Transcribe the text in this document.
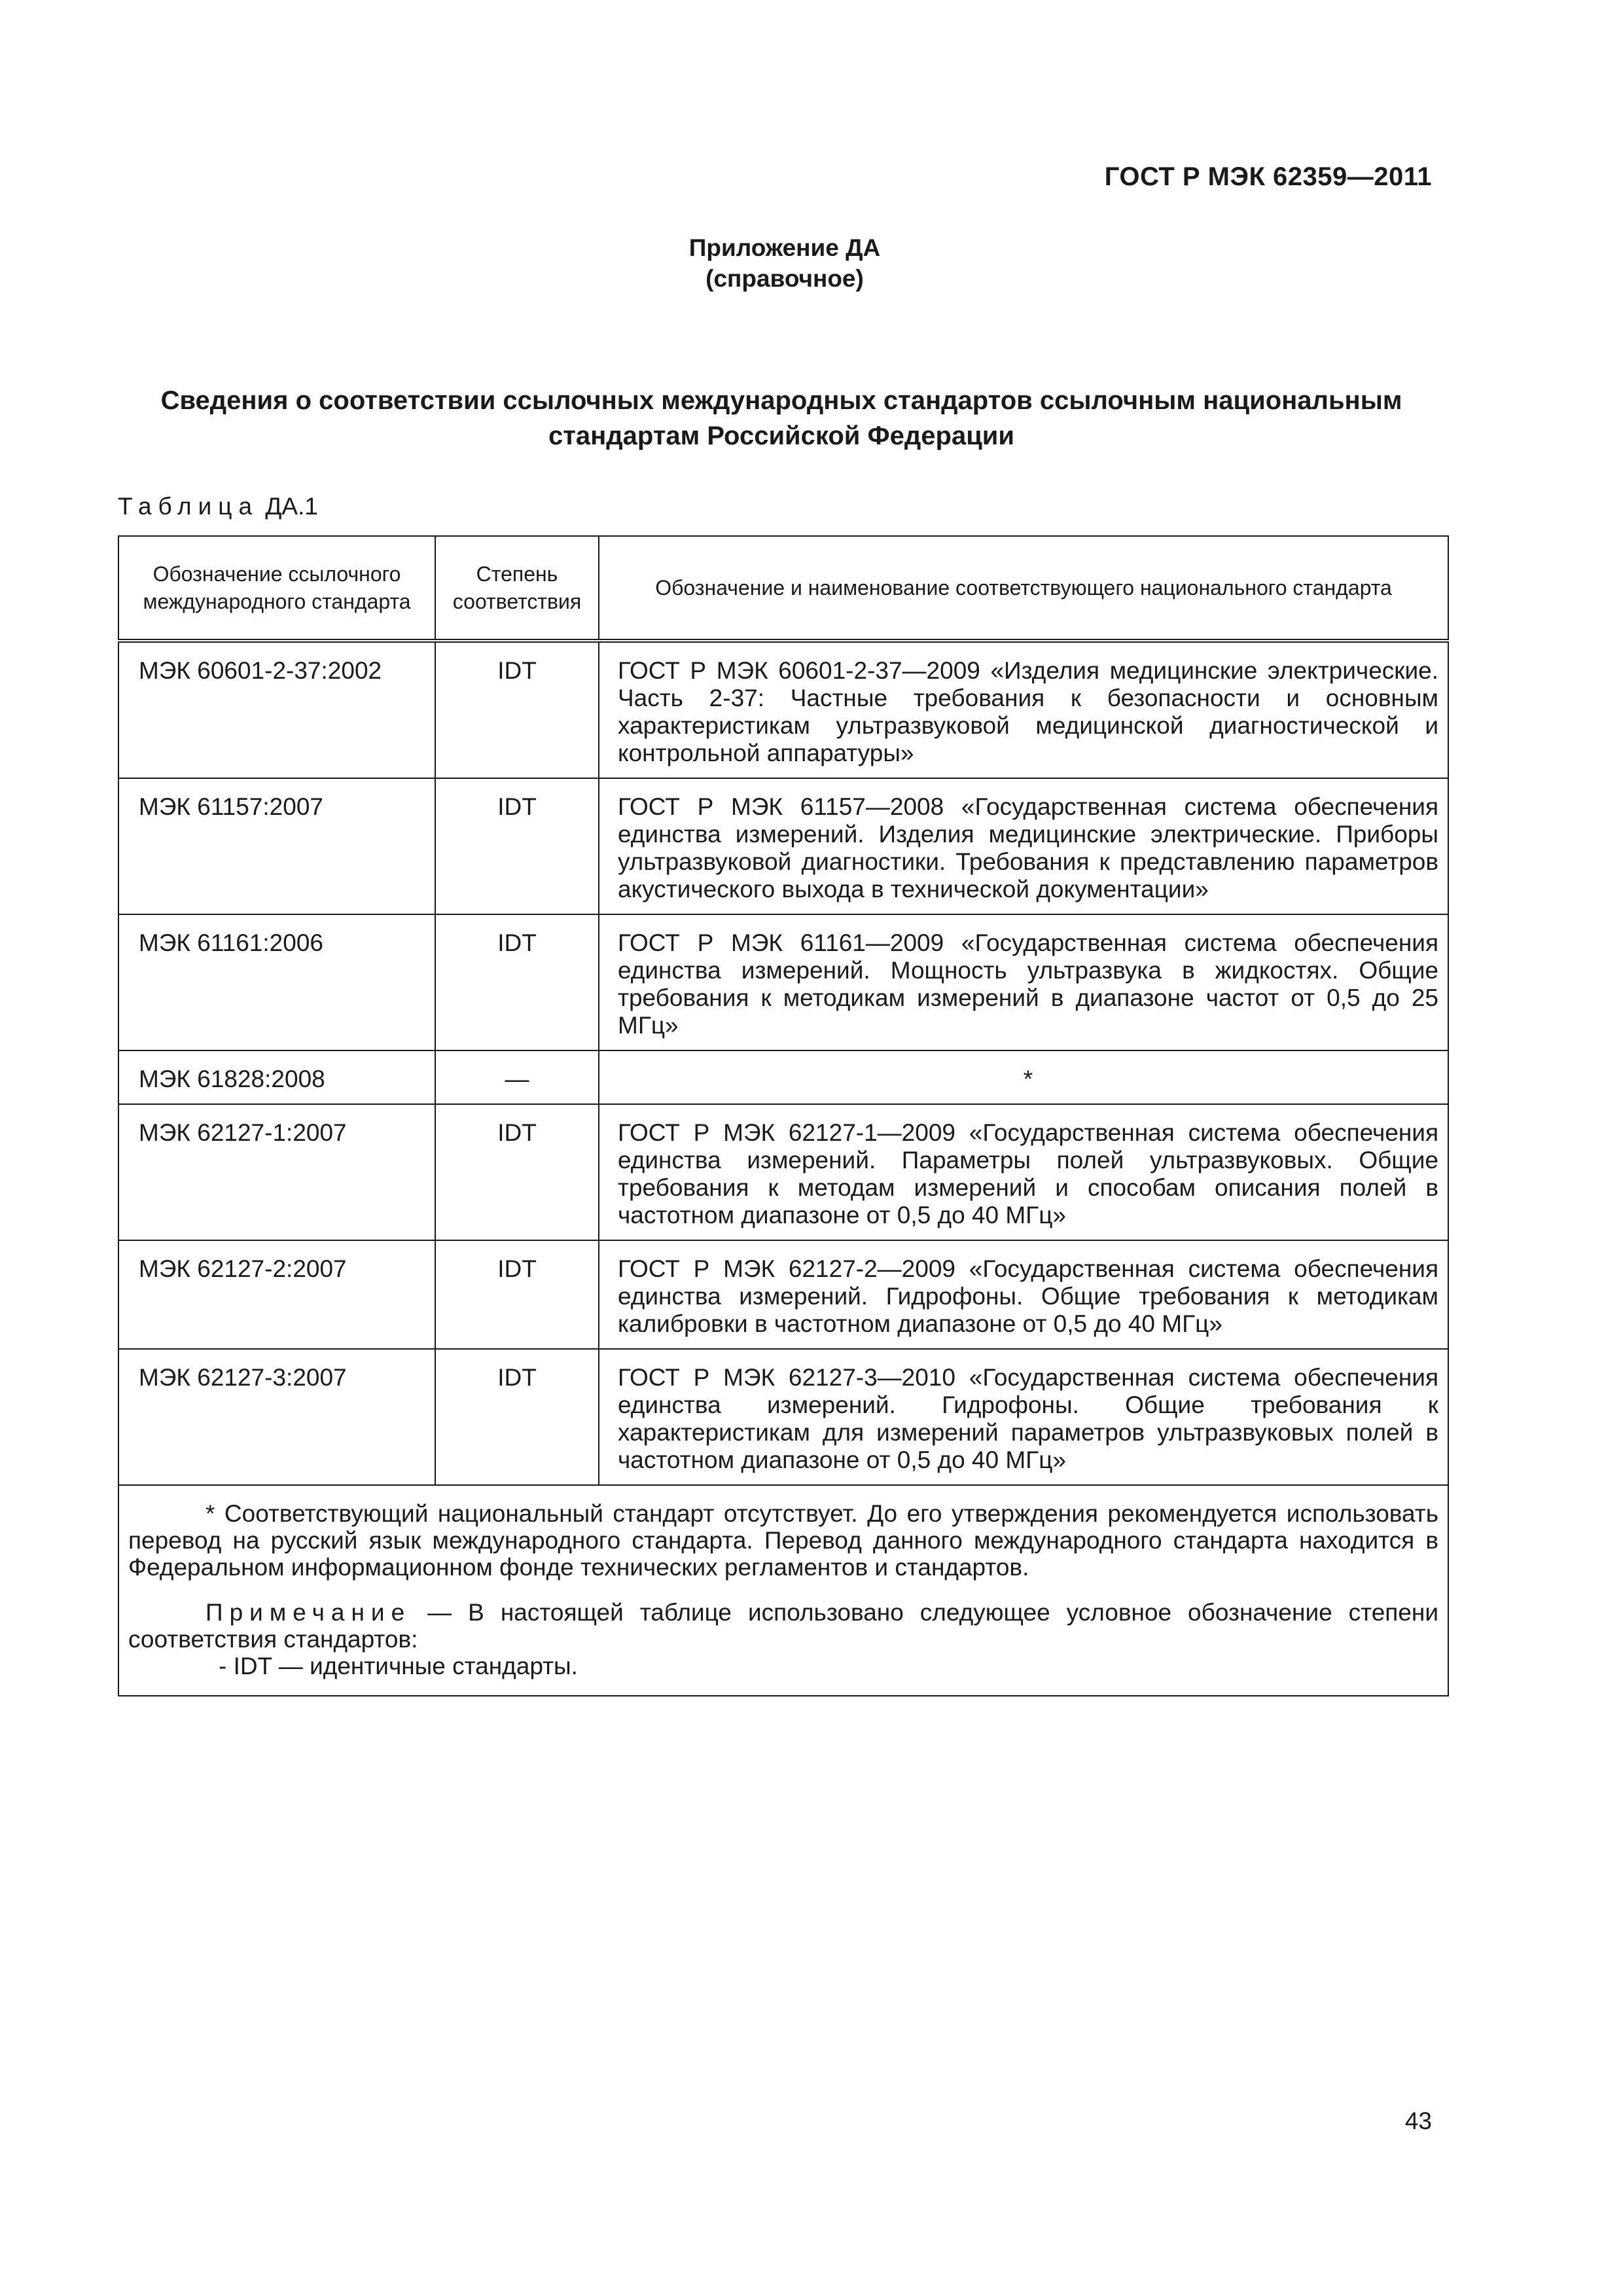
ГОСТ Р МЭК 62359—2011
Приложение ДА
(справочное)
Сведения о соответствии ссылочных международных стандартов ссылочным национальным
стандартам Российской Федерации
Таблица ДА.1
Обозначение ссылочного международного стандарта	Степень соответствия	Обозначение и наименование соответствующего национального стандарта
МЭК 60601-2-37:2002	IDT	ГОСТ Р МЭК 60601-2-37—2009 «Изделия медицинские электрические. Часть 2-37: Частные требования к безопасности и основным характеристикам ультразвуковой медицинской диагностической и контрольной аппаратуры»
МЭК 61157:2007	IDT	ГОСТ Р МЭК 61157—2008 «Государственная система обеспечения единства измерений. Изделия медицинские электрические. Приборы ультразвуковой диагностики. Требования к представлению параметров акустического выхода в технической документации»
МЭК 61161:2006	IDT	ГОСТ Р МЭК 61161—2009 «Государственная система обеспечения единства измерений. Мощность ультразвука в жидкостях. Общие требования к методикам измерений в диапазоне частот от 0,5 до 25 МГц»
МЭК 61828:2008	—	*
МЭК 62127-1:2007	IDT	ГОСТ Р МЭК 62127-1—2009 «Государственная система обеспечения единства измерений. Параметры полей ультразвуковых. Общие требования к методам измерений и способам описания полей в частотном диапазоне от 0,5 до 40 МГц»
МЭК 62127-2:2007	IDT	ГОСТ Р МЭК 62127-2—2009 «Государственная система обеспечения единства измерений. Гидрофоны. Общие требования к методикам калибровки в частотном диапазоне от 0,5 до 40 МГц»
МЭК 62127-3:2007	IDT	ГОСТ Р МЭК 62127-3—2010 «Государственная система обеспечения единства измерений. Гидрофоны. Общие требования к характеристикам для измерений параметров ультразвуковых полей в частотном диапазоне от 0,5 до 40 МГц»

* Соответствующий национальный стандарт отсутствует. До его утверждения рекомендуется использовать перевод на русский язык международного стандарта. Перевод данного международного стандарта находится в Федеральном информационном фонде технических регламентов и стандартов.

Примечание — В настоящей таблице использовано следующее условное обозначение степени соответствия стандартов:

- IDT — идентичные стандарты.		
43
